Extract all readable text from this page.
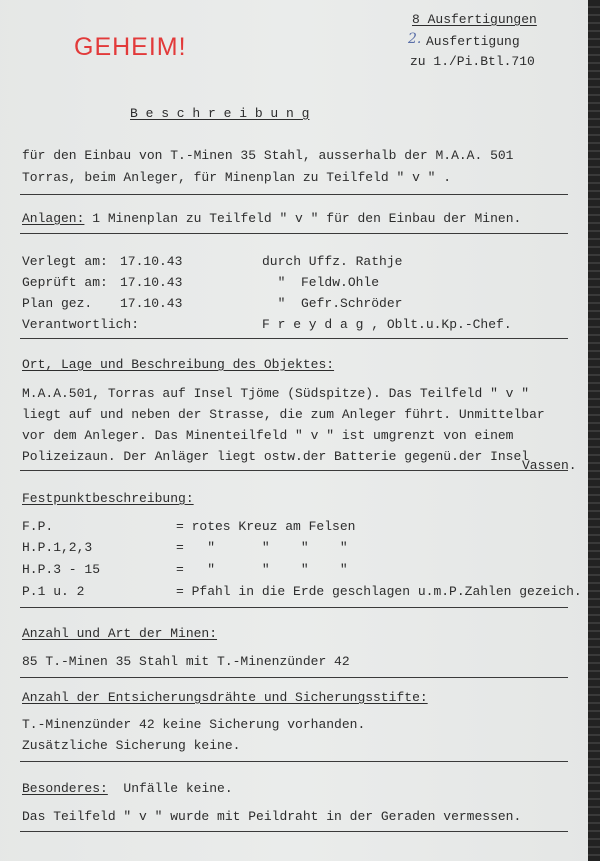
GEHEIM!
8 Ausfertigungen
2. Ausfertigung
zu 1./Pi.Btl.710
B e s c h r e i b u n g
für den Einbau von T.-Minen 35 Stahl, ausserhalb der M.A.A. 501
Torras, beim Anleger, für Minenplan zu Teilfeld " v " .
Anlagen: 1 Minenplan zu Teilfeld " v " für den Einbau der Minen.
Verlegt am: 17.10.43	durch Uffz. Rathje
Geprüft am: 17.10.43	"  Feldw.Ohle
Plan gez. 17.10.43	"  Gefr.Schröder
Verantwortlich:	F r e y d a g , Oblt.u.Kp.-Chef.
Ort, Lage und Beschreibung des Objektes:
M.A.A.501, Torras auf Insel Tjöme (Südspitze). Das Teilfeld " v "
liegt auf und neben der Strasse, die zum Anleger führt. Unmittelbar
vor dem Anleger. Das Minenteilfeld " v " ist umgrenzt von einem
Polizeizaun. Der Anläger liegt ostw.der Batterie gegenü.der Insel
Vassen.
Festpunktbeschreibung:
F.P.	= rotes Kreuz am Felsen
H.P.1,2,3	=   "      "    "    "
H.P.3 - 15	=   "      "    "    "
P.1 u. 2	= Pfahl in die Erde geschlagen u.m.P.Zahlen gezeich.
Anzahl und Art der Minen:
85 T.-Minen 35 Stahl mit T.-Minenzünder 42
Anzahl der Entsicherungsdrähte und Sicherungsstifte:
T.-Minenzünder 42 keine Sicherung vorhanden.
Zusätzliche Sicherung keine.
Besonderes:  Unfälle keine.
Das Teilfeld " v " wurde mit Peildraht in der Geraden vermessen.
